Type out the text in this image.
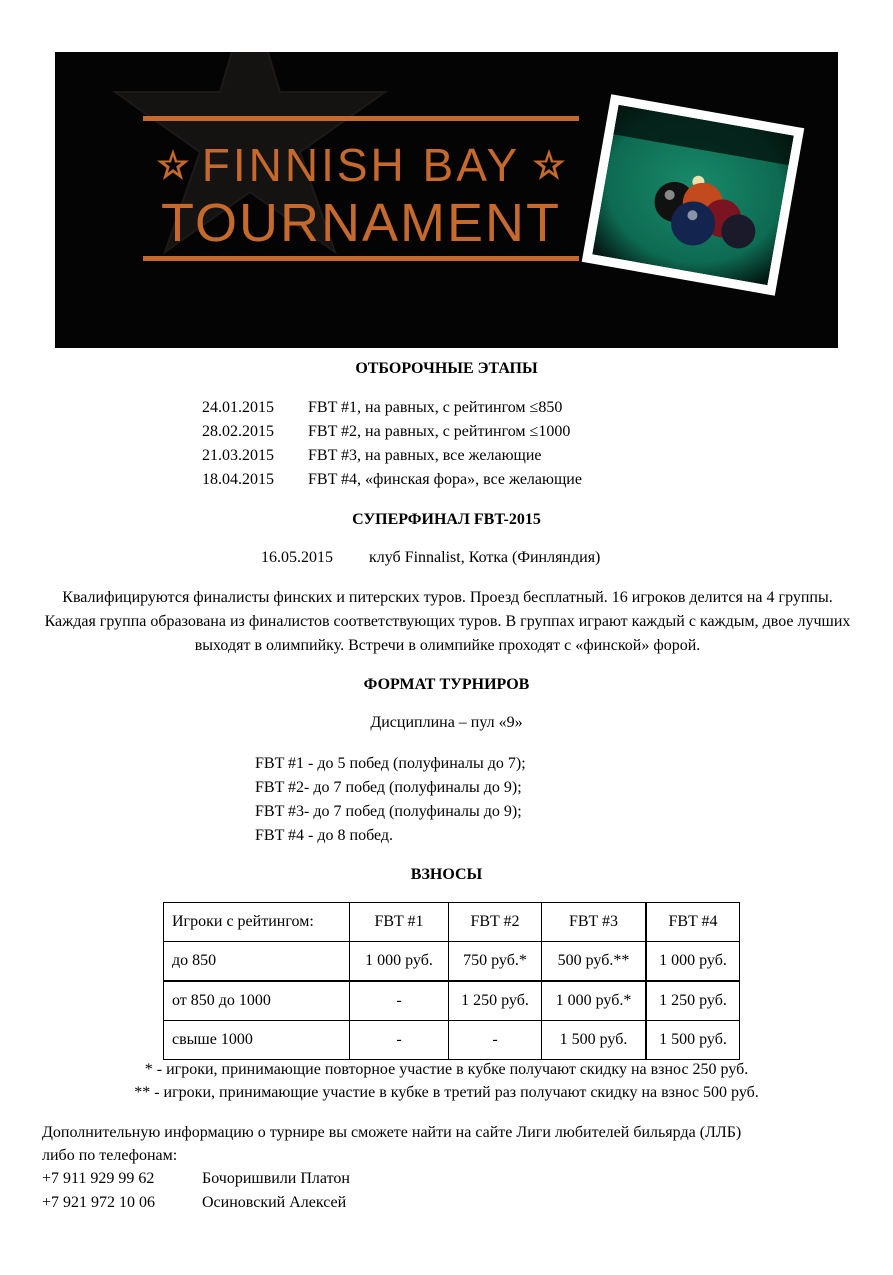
FINNISH BAY
TOURNAMENT
ОТБОРОЧНЫЕ ЭТАПЫ
24.01.2015 FBT #1, на равных, с рейтингом ≤850
28.02.2015 FBT #2, на равных, с рейтингом ≤1000
21.03.2015 FBT #3, на равных, все желающие
18.04.2015 FBT #4, «финская фора», все желающие
СУПЕРФИНАЛ FBT-2015
16.05.2015 клуб Finnalist, Котка (Финляндия)
Квалифицируются финалисты финских и питерских туров. Проезд бесплатный. 16 игроков делится на 4 группы. Каждая группа образована из финалистов соответствующих туров. В группах играют каждый с каждым, двое лучших выходят в олимпийку. Встречи в олимпийке проходят с «финской» форой.
ФОРМАТ ТУРНИРОВ
Дисциплина – пул «9»
FBT #1 - до 5 побед (полуфиналы до 7);
FBT #2- до 7 побед (полуфиналы до 9);
FBT #3- до 7 побед (полуфиналы до 9);
FBT #4 - до 8 побед.
ВЗНОСЫ
Игроки с рейтингом:	FBT #1	FBT #2	FBT #3	FBT #4
до 850	1 000 руб.	750 руб.*	500 руб.**	1 000 руб.
от 850 до 1000	-	1 250 руб.	1 000 руб.*	1 250 руб.
свыше 1000	-	-	1 500 руб.	1 500 руб.
* - игроки, принимающие повторное участие в кубке получают скидку на взнос 250 руб.
** - игроки, принимающие участие в кубке в третий раз получают скидку на взнос 500 руб.
Дополнительную информацию о турнире вы сможете найти на сайте Лиги любителей бильярда (ЛЛБ)
либо по телефонам:
+7 911 929 99 62	Бочоришвили Платон
+7 921 972 10 06	Осиновский Алексей
